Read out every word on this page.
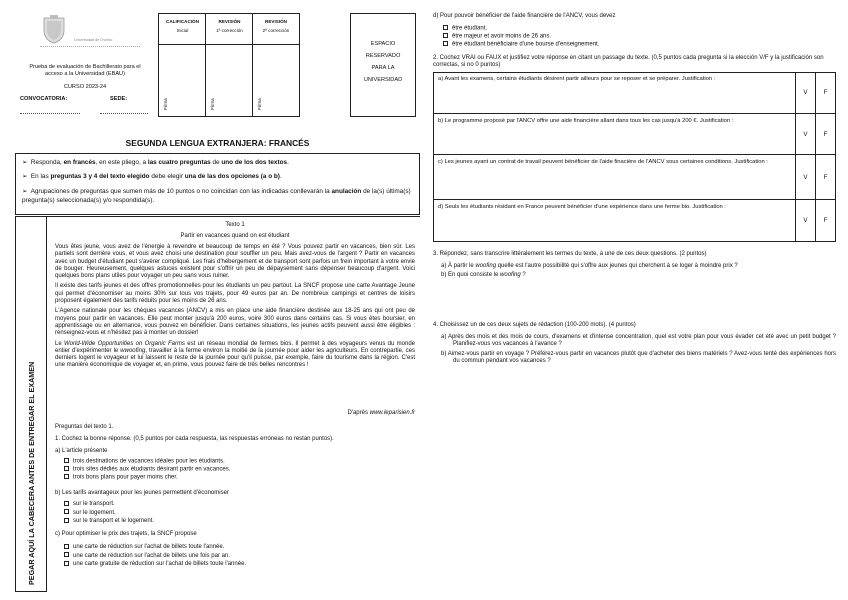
Universidad de Oviedo
Prueba de evaluación de Bachillerato para el acceso a la Universidad (EBAU)
CURSO 2023-24
CONVOCATORIA:	SEDE:
CALIFICACIÓN
Inicial
Firma
REVISIÓN
1ª corrección
Firma
REVISIÓN
2ª corrección
Firma
ESPACIO
RESERVADO
PARA LA
UNIVERSIDAD
SEGUNDA LENGUA EXTRANJERA: FRANCÉS
➢ Responda, en francés, en este pliego, a las cuatro preguntas de uno de los dos textos.
➢ En las preguntas 3 y 4 del texto elegido debe elegir una de las dos opciones (a o b).
➢ Agrupaciones de preguntas que sumen más de 10 puntos o no coincidan con las indicadas conllevarán la anulación de la(s) última(s) pregunta(s) seleccionada(s) y/o respondida(s).
PEGAR AQUÍ LA CABECERA ANTES DE ENTREGAR EL EXAMEN
Texto 1
Partir en vacances quand on est étudiant

Vous êtes jeune, vous avez de l'énergie à revendre et beaucoup de temps en été ? Vous pouvez partir en vacances, bien sûr. Les partiels sont derrière vous, et vous avez choisi une destination pour souffler un peu. Mais avez-vous de l'argent ? Partir en vacances avec un budget d'étudiant peut s'avérer compliqué. Les frais d'hébergement et de transport sont parfois un frein important à votre envie de bouger. Heureusement, quelques astuces existent pour s'offrir un peu de dépaysement sans dépenser beaucoup d'argent. Voici quelques bons plans utiles pour voyager un peu sans vous ruiner.

Il existe des tarifs jeunes et des offres promotionnelles pour les étudiants un peu partout. La SNCF propose une carte Avantage Jeune qui permet d'économiser au moins 30% sur tous vos trajets, pour 49 euros par an. De nombreux campings et centres de loisirs proposent également des tarifs réduits pour les moins de 26 ans.

L'Agence nationale pour les chèques vacances (ANCV) a mis en place une aide financière destinée aux 18-25 ans qui ont peu de moyens pour partir en vacances. Elle peut monter jusqu'à 200 euros, voire 300 euros dans certains cas. Si vous êtes boursier, en apprentissage ou en alternance, vous pouvez en bénéficier. Dans certaines situations, les jeunes actifs peuvent aussi être éligibles : renseignez-vous et n'hésitez pas à monter un dossier!

Le World-Wide Opportunities on Organic Farms est un réseau mondial de fermes bios. Il permet à des voyageurs venus du monde entier d'expérimenter le wwoofing, travailler à la ferme environ la moitié de la journée pour aider les agriculteurs. En contrepartie, ces derniers logent le voyageur et lui laissent le reste de la journée pour qu'il puisse, par exemple, faire du tourisme dans la région. C'est une manière économique de voyager et, en prime, vous pouvez faire de très belles rencontres !

D'après www.leparisien.fr
Preguntas del texto 1.
1. Cochez la bonne réponse. (0,5 puntos por cada respuesta, las respuestas erróneas no restan puntos).
a) L'article présente
trois destinations de vacances idéales pour les étudiants.
trois sites dédiés aux étudiants désirant partir en vacances.
trois bons plans pour payer moins cher.
b) Les tarifs avantageux pour les jeunes permettent d'économiser
sur le transport.
sur le logement.
sur le transport et le logement.
c) Pour optimiser le prix des trajets, la SNCF propose
une carte de réduction sur l'achat de billets toute l'année.
une carte de réduction sur l'achat de billets une fois par an.
une carte gratuite de réduction sur l'achat de billets toute l'année.
d) Pour pouvoir bénéficier de l'aide financière de l'ANCV, vous devez
être étudiant.
être majeur et avoir moins de 26 ans.
être étudiant bénéficiaire d'une bourse d'enseignement.
2. Cochez VRAI ou FAUX et justifiez votre réponse en citant un passage du texte. (0,5 puntos cada pregunta si la elección V/F y la justificación son correctas, si no 0 puntos)
a) Avant les examens, certains étudiants désirent partir ailleurs pour se reposer et se préparer. Justification :
V	F
b) Le programme proposé par l'ANCV offre une aide financière allant dans tous les cas jusqu'à 200 €. Justification :
V	F
c) Les jeunes ayant un contrat de travail peuvent bénéficier de l'aide finacière de l'ANCV sous certaines conditions. Justification :
V	F
d) Seuls les étudiants résidant en France peuvent bénéficier d'une expérience dans une ferme bio. Justification :
V	F
3. Répondez, sans transcrire littéralement les termes du texte, à une de ces deux questions. (2 puntos)
a) À partir le woofing quelle est l'autre possibilité qui s'offre aux jeunes qui cherchent à se loger à moindre prix ?
b) En quoi consiste le woofing ?
4. Choisissez un de ces deux sujets de rédaction (100-200 mots). (4 puntos)
a) Après des mois et des mois de cours, d'examens et d'intense concentration, quel est votre plan pour vous évader cet été avec un petit budget ? Planifiez-vous vos vacances à l'avance ?
b) Aimez-vous partir en voyage ? Préférez-vous partir en vacances plutôt que d'acheter des biens matériels ? Avez-vous tenté des expériences hors du commun pendant vos vacances ?
